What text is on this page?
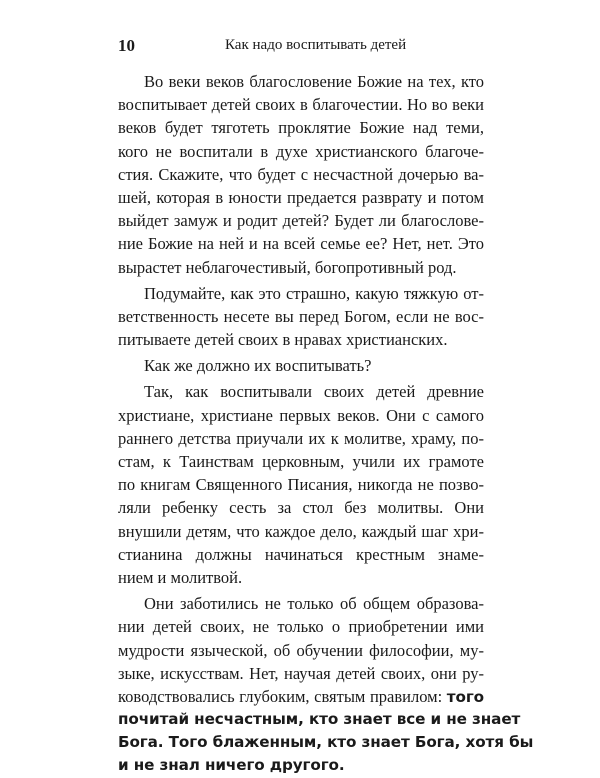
10	Как надо воспитывать детей
Во веки веков благословение Божие на тех, кто
воспитывает детей своих в благочестии. Но во веки
веков будет тяготеть проклятие Божие над теми,
кого не воспитали в духе христианского благоче-
стия. Скажите, что будет с несчастной дочерью ва-
шей, которая в юности предается разврату и потом
выйдет замуж и родит детей? Будет ли благослове-
ние Божие на ней и на всей семье ее? Нет, нет. Это
вырастет неблагочестивый, богопротивный род.
Подумайте, как это страшно, какую тяжкую от-
ветственность несете вы перед Богом, если не вос-
питываете детей своих в нравах христианских.
Как же должно их воспитывать?
Так, как воспитывали своих детей древние
христиане, христиане первых веков. Они с самого
раннего детства приучали их к молитве, храму, по-
стам, к Таинствам церковным, учили их грамоте
по книгам Священного Писания, никогда не позво-
ляли ребенку сесть за стол без молитвы. Они
внушили детям, что каждое дело, каждый шаг хри-
стианина должны начинаться крестным знаме-
нием и молитвой.
Они заботились не только об общем образова-
нии детей своих, не только о приобретении ими
мудрости языческой, об обучении философии, му-
зыке, искусствам. Нет, научая детей своих, они ру-
ководствовались глубоким, святым правилом: того
почитай несчастным, кто знает все и не знает
Бога. Того блаженным, кто знает Бога, хотя бы
и не знал ничего другого.
